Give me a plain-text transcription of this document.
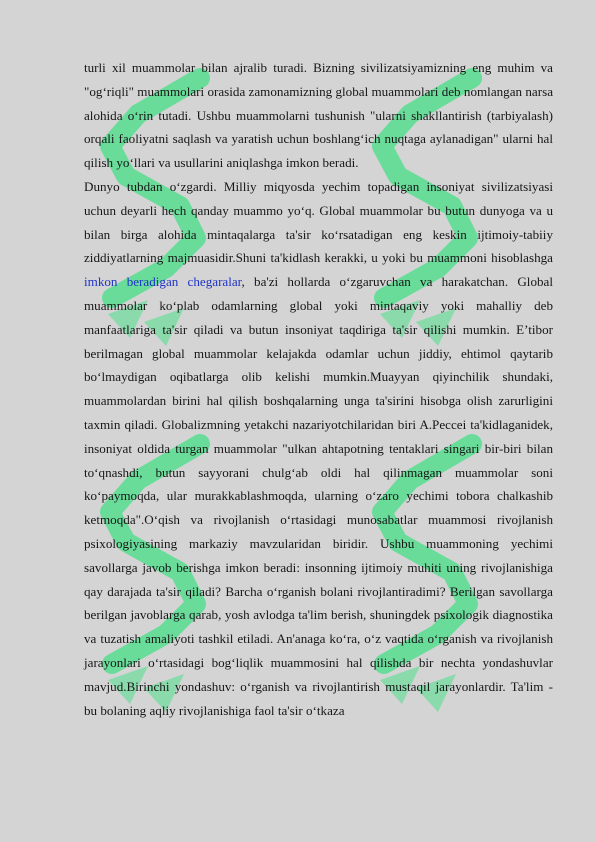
turli xil muammolar bilan ajralib turadi. Bizning sivilizatsiyamizning eng muhim va "og‘riqli" muammolari orasida zamonamizning global muammolari deb nomlangan narsa alohida o‘rin tutadi. Ushbu muammolarni tushunish "ularni shakllantirish (tarbiyalash) orqali faoliyatni saqlash va yaratish uchun boshlang‘ich nuqtaga aylanadigan" ularni hal qilish yo‘llari va usullarini aniqlashga imkon beradi.

Dunyo tubdan o‘zgardi. Milliy miqyosda yechim topadigan insoniyat sivilizatsiyasi uchun deyarli hech qanday muammo yo‘q. Global muammolar bu butun dunyoga va u bilan birga alohida mintaqalarga ta'sir ko‘rsatadigan eng keskin ijtimoiy-tabiiy ziddiyatlarning majmuasidir.Shuni ta'kidlash kerakki, u yoki bu muammoni hisoblashga imkon beradigan chegaralar, ba'zi hollarda o‘zgaruvchan va harakatchan. Global muammolar ko‘plab odamlarning global yoki mintaqaviy yoki mahalliy deb manfaatlariga ta'sir qiladi va butun insoniyat taqdiriga ta'sir qilishi mumkin. E’tibor berilmagan global muammolar kelajakda odamlar uchun jiddiy, ehtimol qaytarib bo‘lmaydigan oqibatlarga olib kelishi mumkin.Muayyan qiyinchilik shundaki, muammolardan birini hal qilish boshqalarning unga ta'sirini hisobga olish zarurligini taxmin qiladi. Globalizmning yetakchi nazariyotchilaridan biri A.Peccei ta'kidlaganidek, insoniyat oldida turgan muammolar "ulkan ahtapotning tentaklari singari bir-biri bilan to‘qnashdi, butun sayyorani chulg‘ab oldi hal qilinmagan muammolar soni ko‘paymoqda, ular murakkablashmoqda, ularning o‘zaro yechimi tobora chalkashib ketmoqda".O‘qish va rivojlanish o‘rtasidagi munosabatlar muammosi rivojlanish psixologiyasining markaziy mavzularidan biridir. Ushbu muammoning yechimi savollarga javob berishga imkon beradi: insonning ijtimoiy muhiti uning rivojlanishiga qay darajada ta'sir qiladi? Barcha o‘rganish bolani rivojlantiradimi? Berilgan savollarga berilgan javoblarga qarab, yosh avlodga ta'lim berish, shuningdek psixologik diagnostika va tuzatish amaliyoti tashkil etiladi. An'anaga ko‘ra, o‘z vaqtida o‘rganish va rivojlanish jarayonlari o‘rtasidagi bog‘liqlik muammosini hal qilishda bir nechta yondashuvlar mavjud.Birinchi yondashuv: o‘rganish va rivojlantirish mustaqil jarayonlardir. Ta'lim - bu bolaning aqliy rivojlanishiga faol ta'sir o‘tkaza
